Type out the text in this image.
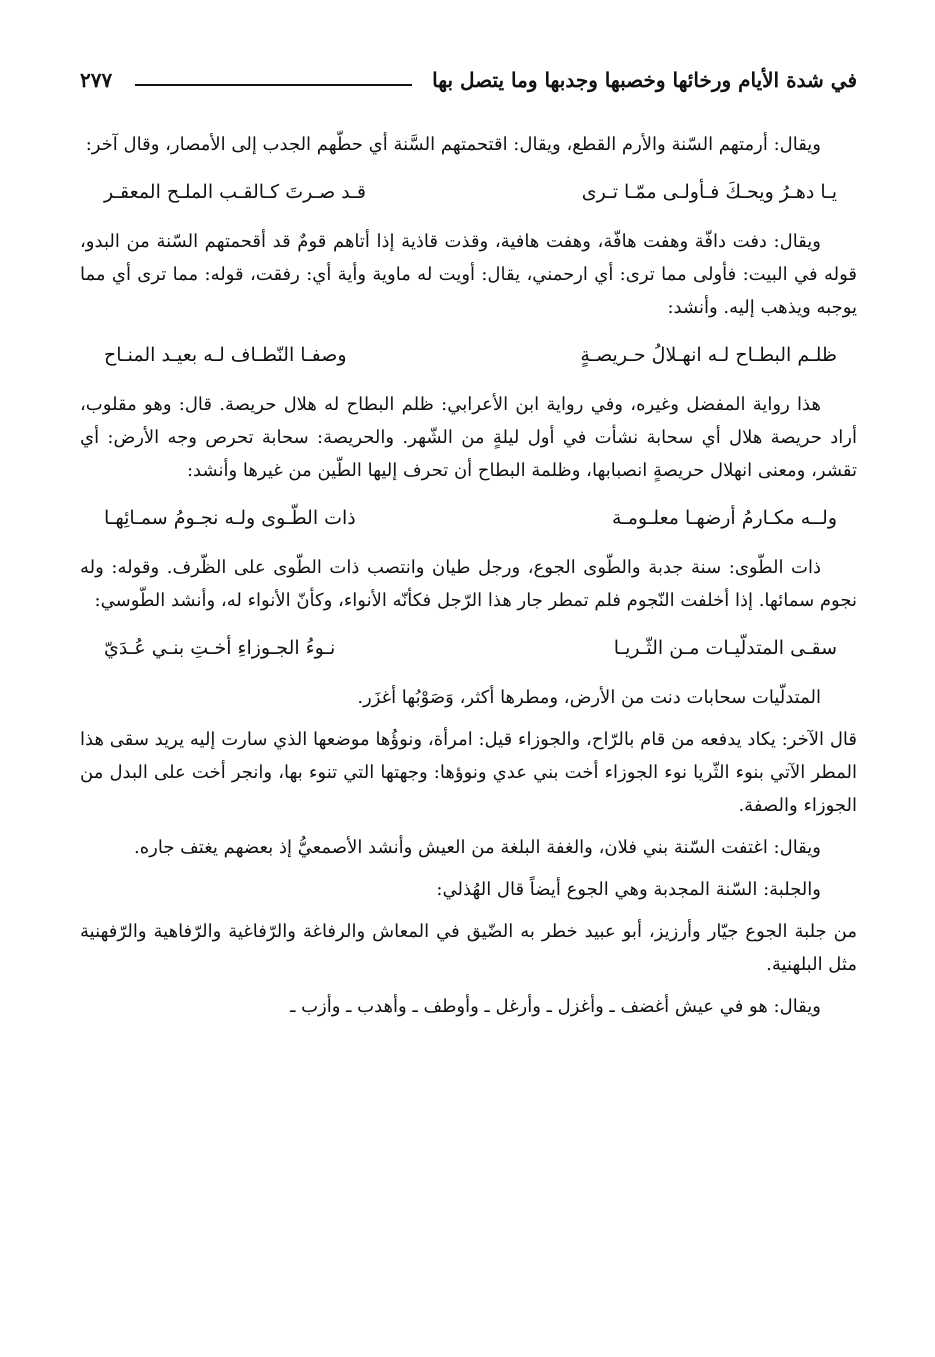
في شدة الأيام ورخائها وخصبها وجدبها وما يتصل بها
٢٧٧

ويقال: أرمتهم السّنة والأرم القطع، ويقال: اقتحمتهم السَّنة أي حطّهم الجدب إلى الأمصار، وقال آخر:

يـا دهـرُ ويحـكَ فـأولـى ممّـا تـرى
قـد صـرتَ كـالقـب الملـح المعقـر

ويقال: دفت دافّة وهفت هافّة، وهفت هافية، وقذت قاذية إذا أتاهم قومٌ قد أقحمتهم السّنة من البدو، قوله في البيت: فأولى مما ترى: أي ارحمني، يقال: أويت له ماوية وأية أي: رفقت، قوله: مما ترى أي مما يوجبه ويذهب إليه. وأنشد:

ظلـم البطـاح لـه انهـلالُ حـريصـةٍ
وصفـا النّطـاف لـه بعيـد المنـاح

هذا رواية المفضل وغيره، وفي رواية ابن الأعرابي: ظلم البطاح له هلال حريصة. قال: وهو مقلوب، أراد حريصة هلال أي سحابة نشأت في أول ليلةٍ من الشّهر. والحريصة: سحابة تحرص وجه الأرض: أي تقشر، ومعنى انهلال حريصةٍ انصبابها، وظلمة البطاح أن تحرف إليها الطّين من غيرها وأنشد:

ولــه مكـارمُ أرضهـا معلـومـة
ذات الطّـوى ولـه نجـومُ سمـائِهـا

ذات الطّوى: سنة جدبة والطّوى الجوع، ورجل طيان وانتصب ذات الطّوى على الظّرف. وقوله: وله نجوم سمائها. إذا أخلفت النّجوم فلم تمطر جار هذا الرّجل فكأنّه الأنواء، وكأنّ الأنواء له، وأنشد الطّوسي:

سقـى المتدلّيـات مـن الثّـريـا
نـوءُ الجـوزاءِ أخـتِ بنـي عُـدَيّ

المتدلّيات سحابات دنت من الأرض، ومطرها أكثر، وَصَوْبُها أغزَر.

قال الآخر: يكاد يدفعه من قام بالرّاح، والجوزاء قيل: امرأة، ونوؤُها موضعها الذي سارت إليه يريد سقى هذا المطر الآتي بنوء الثّريا نوء الجوزاء أخت بني عدي ونوؤها: وجهتها التي تنوء بها، وانجر أخت على البدل من الجوزاء والصفة.

ويقال: اغتفت السّنة بني فلان، والغفة البلغة من العيش وأنشد الأصمعيُّ إذ بعضهم يغتف جاره.

والجلبة: السّنة المجدبة وهي الجوع أيضاً قال الهُذلي:

من جلبة الجوع جيّار وأرزيز، أبو عبيد خطر به الضّيق في المعاش والرفاغة والرّفاغية والرّفاهية والرّفهنية مثل البلهنية.

ويقال: هو في عيش أغضف ـ وأغزل ـ وأرغل ـ وأوطف ـ وأهدب ـ وأزب ـ
